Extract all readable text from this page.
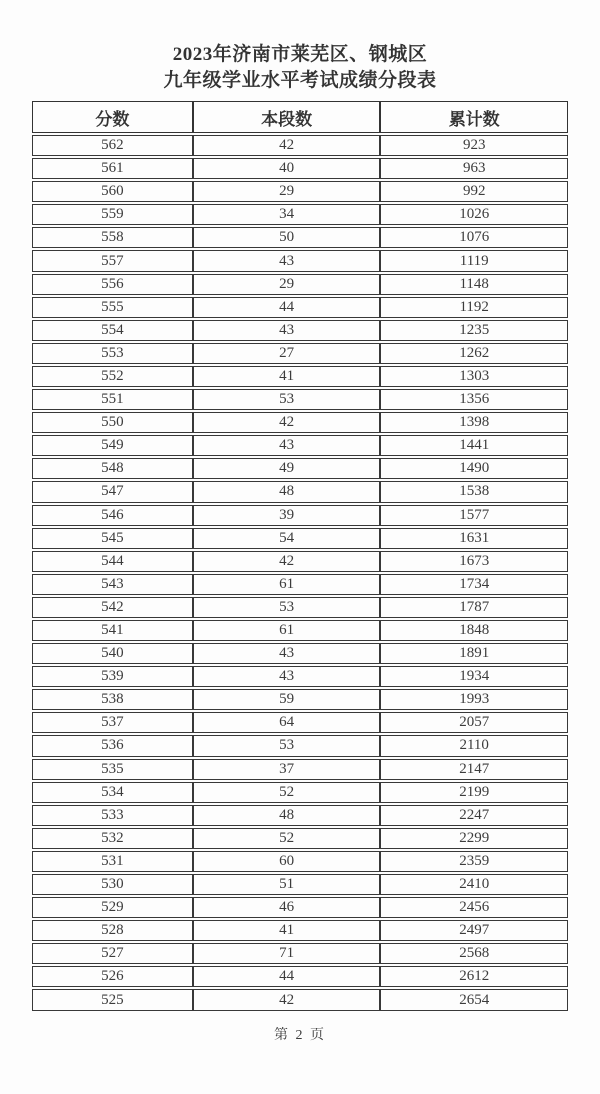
2023年济南市莱芜区、钢城区
九年级学业水平考试成绩分段表
分数	本段数	累计数
562	42	923
561	40	963
560	29	992
559	34	1026
558	50	1076
557	43	1119
556	29	1148
555	44	1192
554	43	1235
553	27	1262
552	41	1303
551	53	1356
550	42	1398
549	43	1441
548	49	1490
547	48	1538
546	39	1577
545	54	1631
544	42	1673
543	61	1734
542	53	1787
541	61	1848
540	43	1891
539	43	1934
538	59	1993
537	64	2057
536	53	2110
535	37	2147
534	52	2199
533	48	2247
532	52	2299
531	60	2359
530	51	2410
529	46	2456
528	41	2497
527	71	2568
526	44	2612
525	42	2654
第 2 页
